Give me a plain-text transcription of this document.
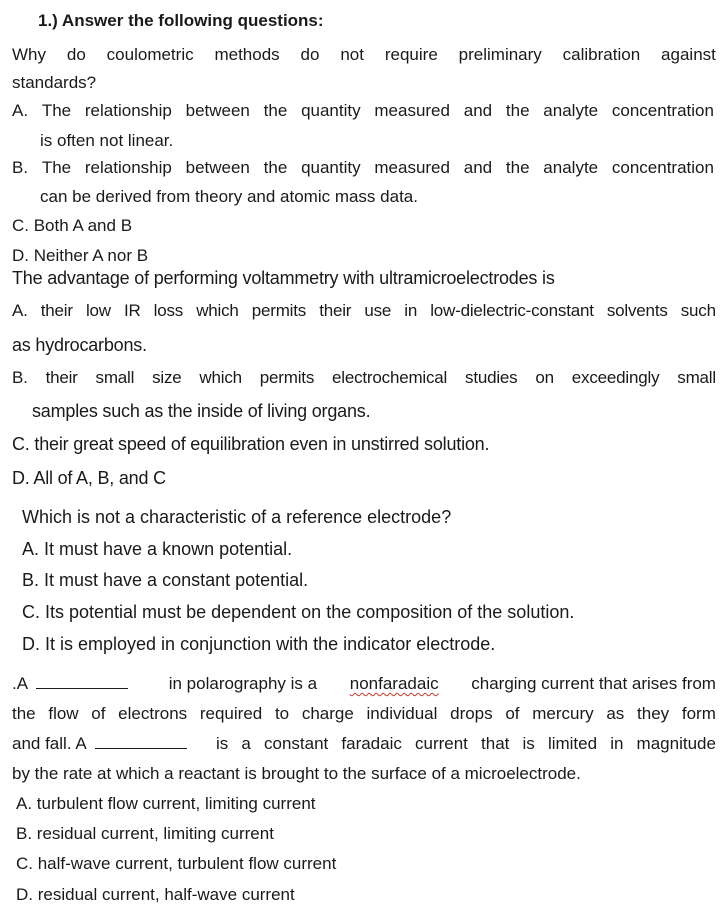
1.) Answer the following questions:
Why do coulometric methods do not require preliminary calibration against
standards?
A. The relationship between the quantity measured and the analyte concentration
is often not linear.
B. The relationship between the quantity measured and the analyte concentration
can be derived from theory and atomic mass data.
C. Both A and B
D. Neither A nor B
The advantage of performing voltammetry with ultramicroelectrodes is
A. their low IR loss which permits their use in low-dielectric-constant solvents such
as hydrocarbons.
B. their small size which permits electrochemical studies on exceedingly small
samples such as the inside of living organs.
C. their great speed of equilibration even in unstirred solution.
D. All of A, B, and C
Which is not a characteristic of a reference electrode?
A. It must have a known potential.
B. It must have a constant potential.
C. Its potential must be dependent on the composition of the solution.
D. It is employed in conjunction with the indicator electrode.
.A	in polarography is a nonfaradaic charging current that arises from
the flow of electrons required to charge individual drops of mercury as they form
and fall. A	is a constant faradaic current that is limited in magnitude
by the rate at which a reactant is brought to the surface of a microelectrode.
A. turbulent flow current, limiting current
B. residual current, limiting current
C. half-wave current, turbulent flow current
D. residual current, half-wave current
